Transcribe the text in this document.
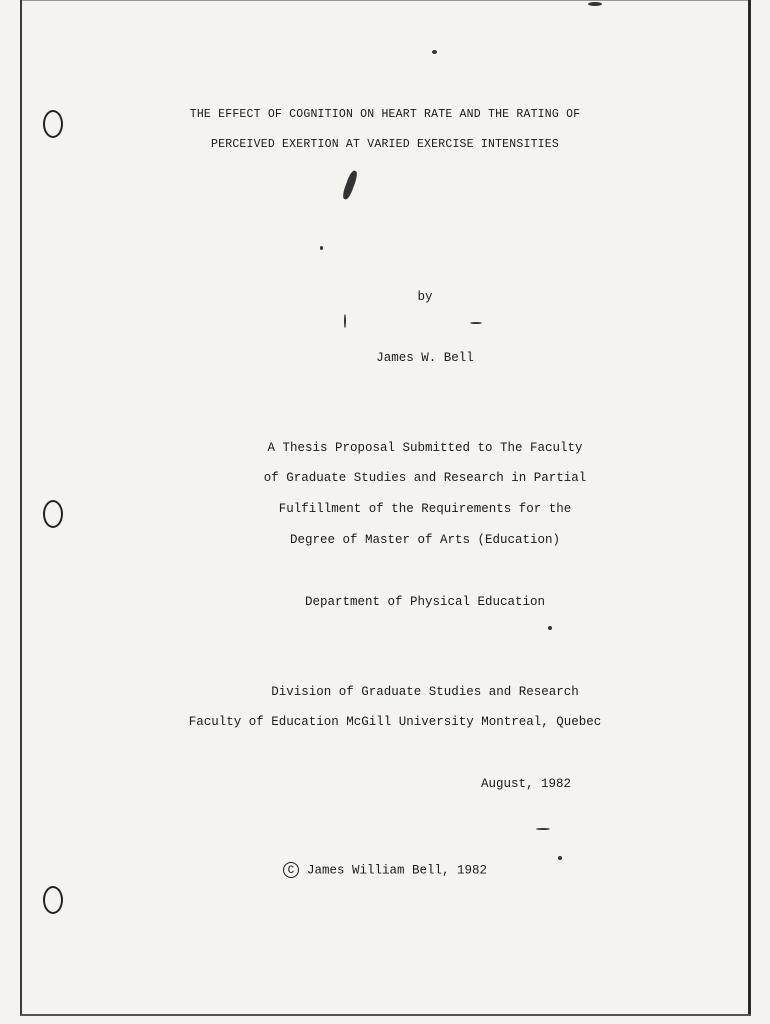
THE EFFECT OF COGNITION ON HEART RATE AND THE RATING OF
PERCEIVED EXERTION AT VARIED EXERCISE INTENSITIES
by
James W. Bell
A Thesis Proposal Submitted to The Faculty
of Graduate Studies and Research in Partial
Fulfillment of the Requirements for the
Degree of Master of Arts (Education)
Department of Physical Education
Division of Graduate Studies and Research
Faculty of Education McGill University Montreal, Quebec
August, 1982
C James William Bell, 1982
